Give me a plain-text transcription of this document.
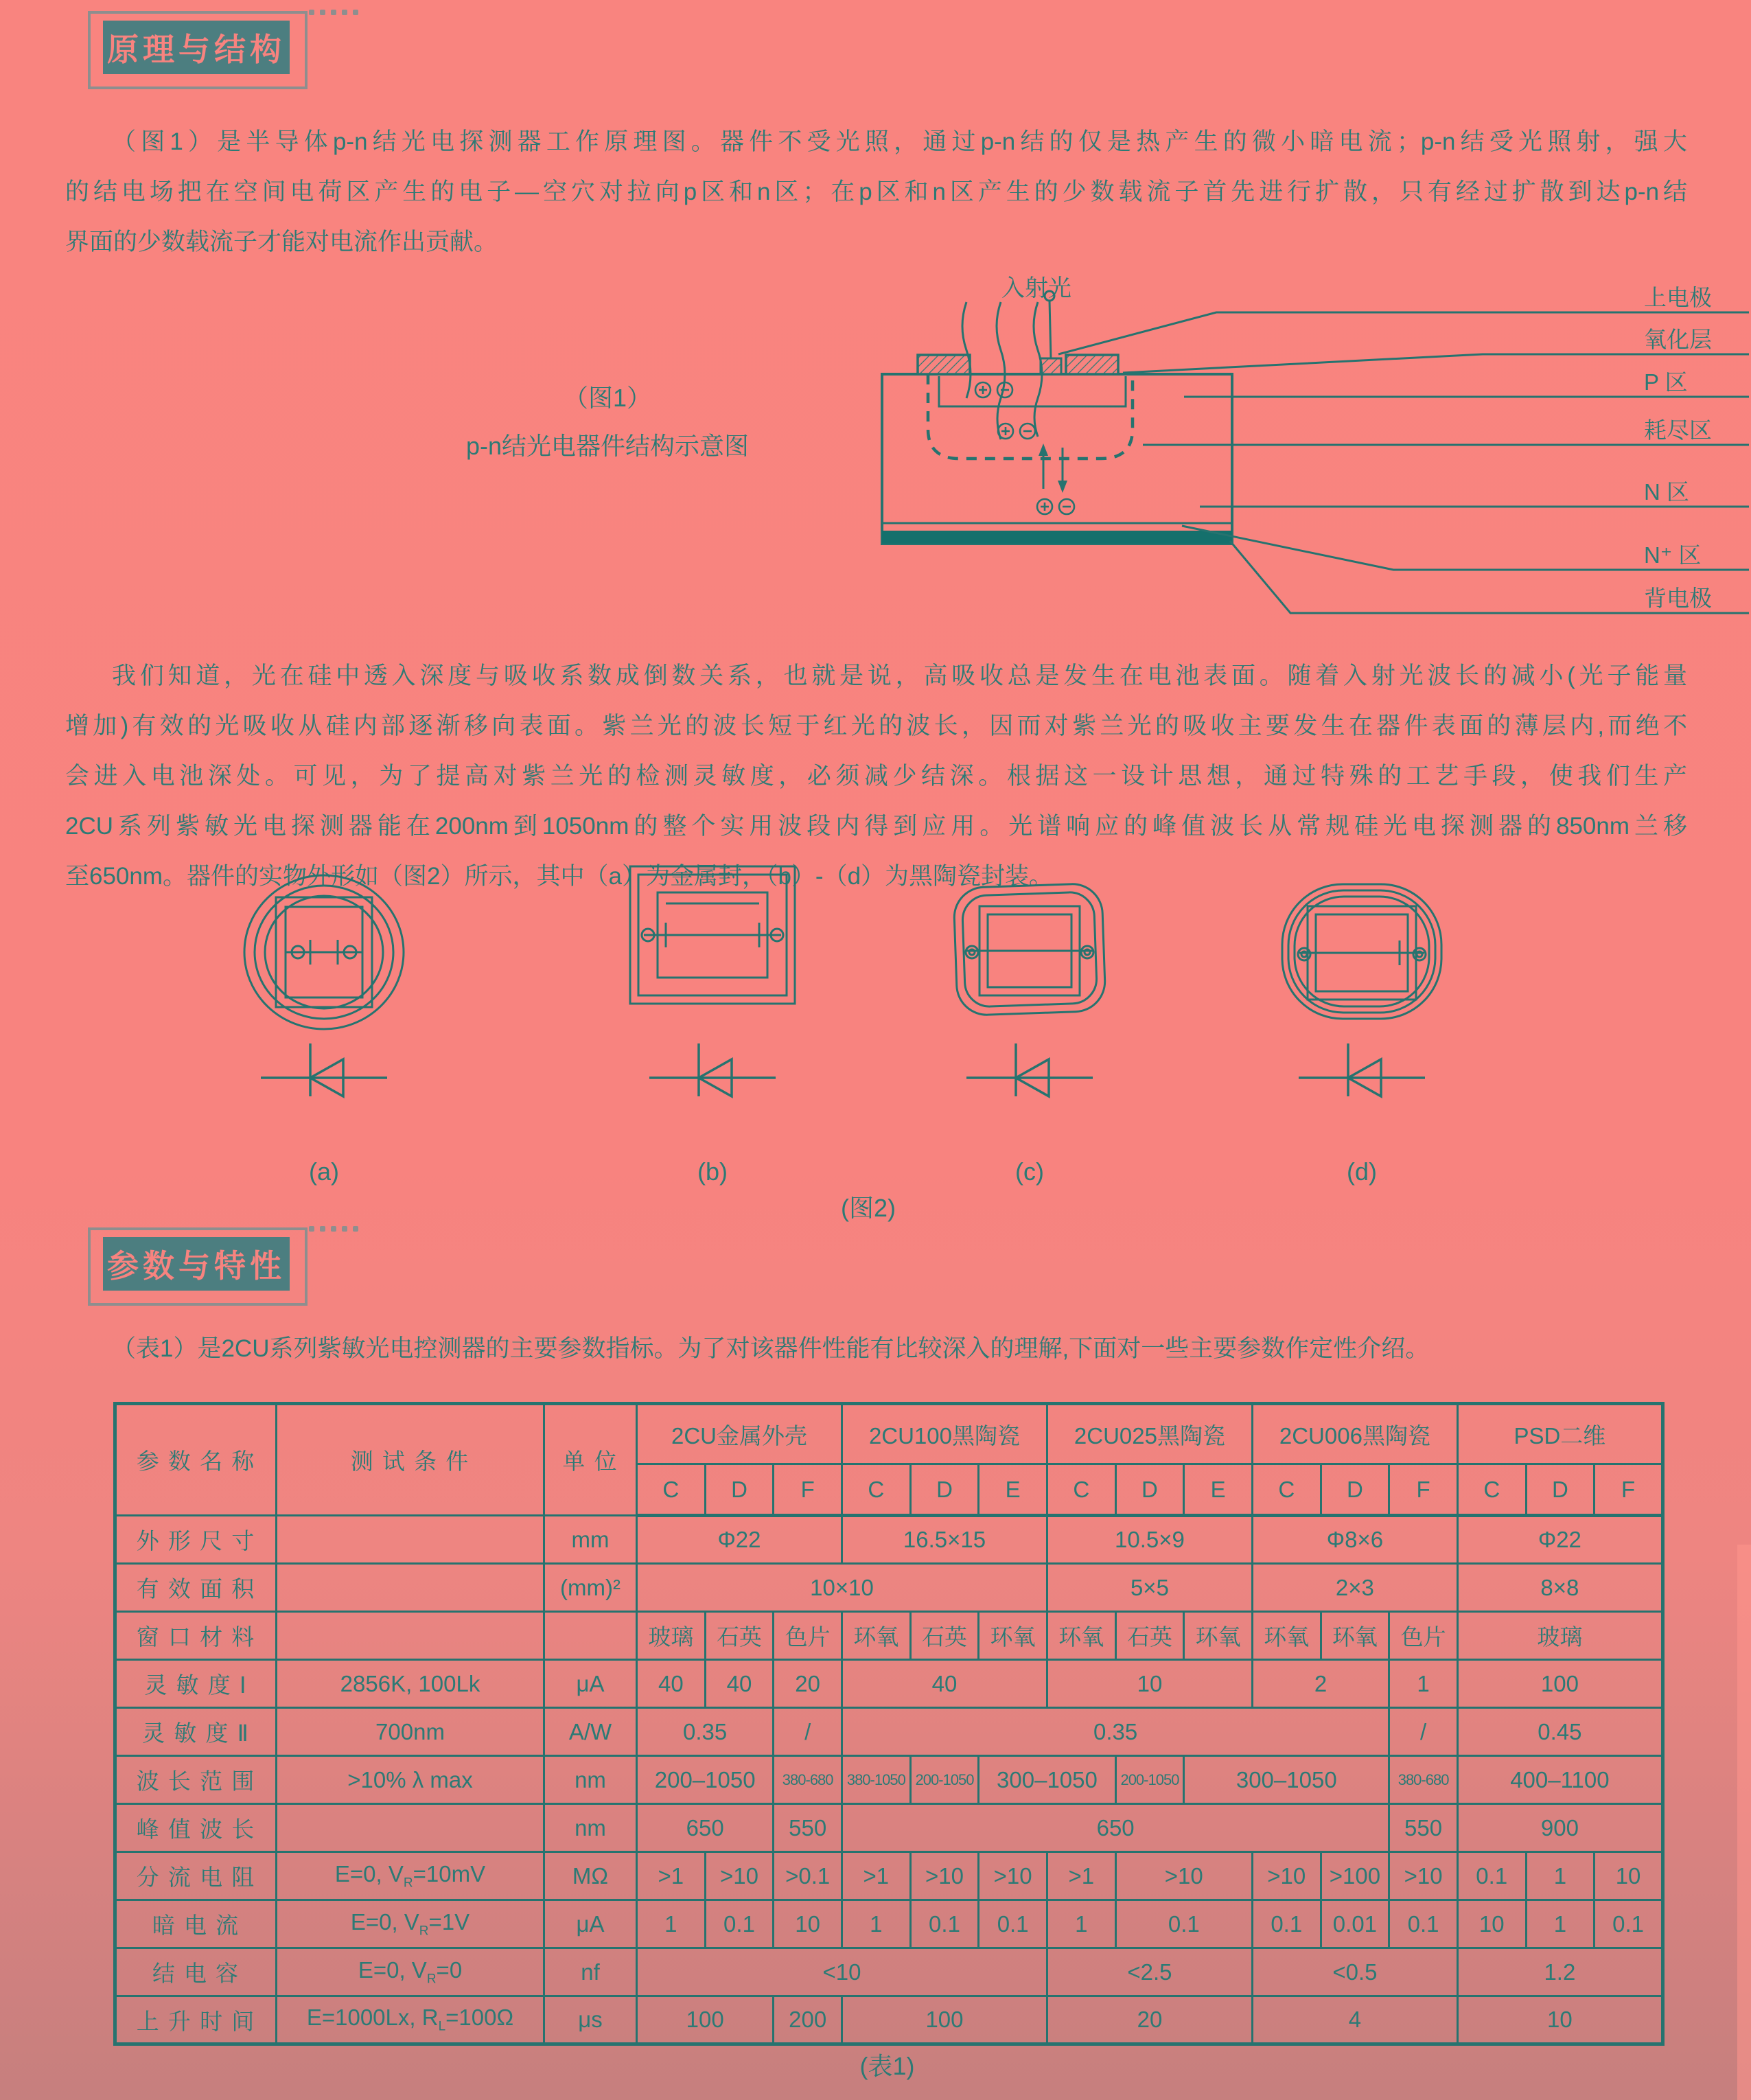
原理与结构
（图1）是半导体p-n结光电探测器工作原理图。器件不受光照，通过p-n结的仅是热产生的微小暗电流；p-n结受光照射，强大
的结电场把在空间电荷区产生的电子—空穴对拉向p区和n区；在p区和n区产生的少数载流子首先进行扩散，只有经过扩散到达p-n结
界面的少数载流子才能对电流作出贡献。
入射光
（图1）
p-n结光电器件结构示意图
上电极
氧化层
P 区
耗尽区
N 区
N⁺ 区
背电极
我们知道，光在硅中透入深度与吸收系数成倒数关系，也就是说，高吸收总是发生在电池表面。随着入射光波长的减小(光子能量
增加)有效的光吸收从硅内部逐渐移向表面。紫兰光的波长短于红光的波长，因而对紫兰光的吸收主要发生在器件表面的薄层内,而绝不
会进入电池深处。可见，为了提高对紫兰光的检测灵敏度，必须减少结深。根据这一设计思想，通过特殊的工艺手段，使我们生产
2CU系列紫敏光电探测器能在200nm到1050nm的整个实用波段内得到应用。光谱响应的峰值波长从常规硅光电探测器的850nm兰移
至650nm。器件的实物外形如（图2）所示，其中（a）为金属封，（b）-（d）为黑陶瓷封装。
(a)	(b)	(c)	(d)
(图2)
参数与特性
（表1）是2CU系列紫敏光电控测器的主要参数指标。为了对该器件性能有比较深入的理解,下面对一些主要参数作定性介绍。
参 数 名 称	测 试 条 件	单 位	2CU金属外壳			2CU100黑陶瓷			2CU025黑陶瓷			2CU006黑陶瓷			PSD二维		
			C	D	F	C	D	E	C	D	E	C	D	F	C	D	F
外 形 尺 寸		mm	Φ22			16.5×15			10.5×9			Φ8×6			Φ22		
有 效 面 积		(mm)²	10×10						5×5			2×3			8×8		
窗 口 材 料			玻璃	石英	色片	环氧	石英	环氧	环氧	石英	环氧	环氧	环氧	色片	玻璃		
灵 敏 度 Ⅰ	2856K, 100Lk	μA	40	40	20	40			10			2		1	100		
灵 敏 度 Ⅱ	700nm	A/W	0.35		/	0.35								/	0.45		
波 长 范 围	>10% λ max	nm	200–1050		380-680	380-1050	200-1050	300–1050		200-1050	300–1050			380-680	400–1100		
峰 值 波 长		nm	650		550	650								550	900		
分 流 电 阻	E=0, $V_R=10mV$	MΩ	>1	>10	>0.1	>1	>10	>10	>1	>10		>10	>100	>10	0.1	1	10
暗 电 流	E=0, $V_R=1V$	μA	1	0.1	10	1	0.1	0.1	1	0.1		0.1	0.01	0.1	10	1	0.1
结 电 容	E=0, $V_R=0$	nf	<10						<2.5			<0.5			1.2		
上 升 时 间	E=1000Lx, $R_L=100\Omega$	μs	100		200	100			20			4			10		
(表1)
